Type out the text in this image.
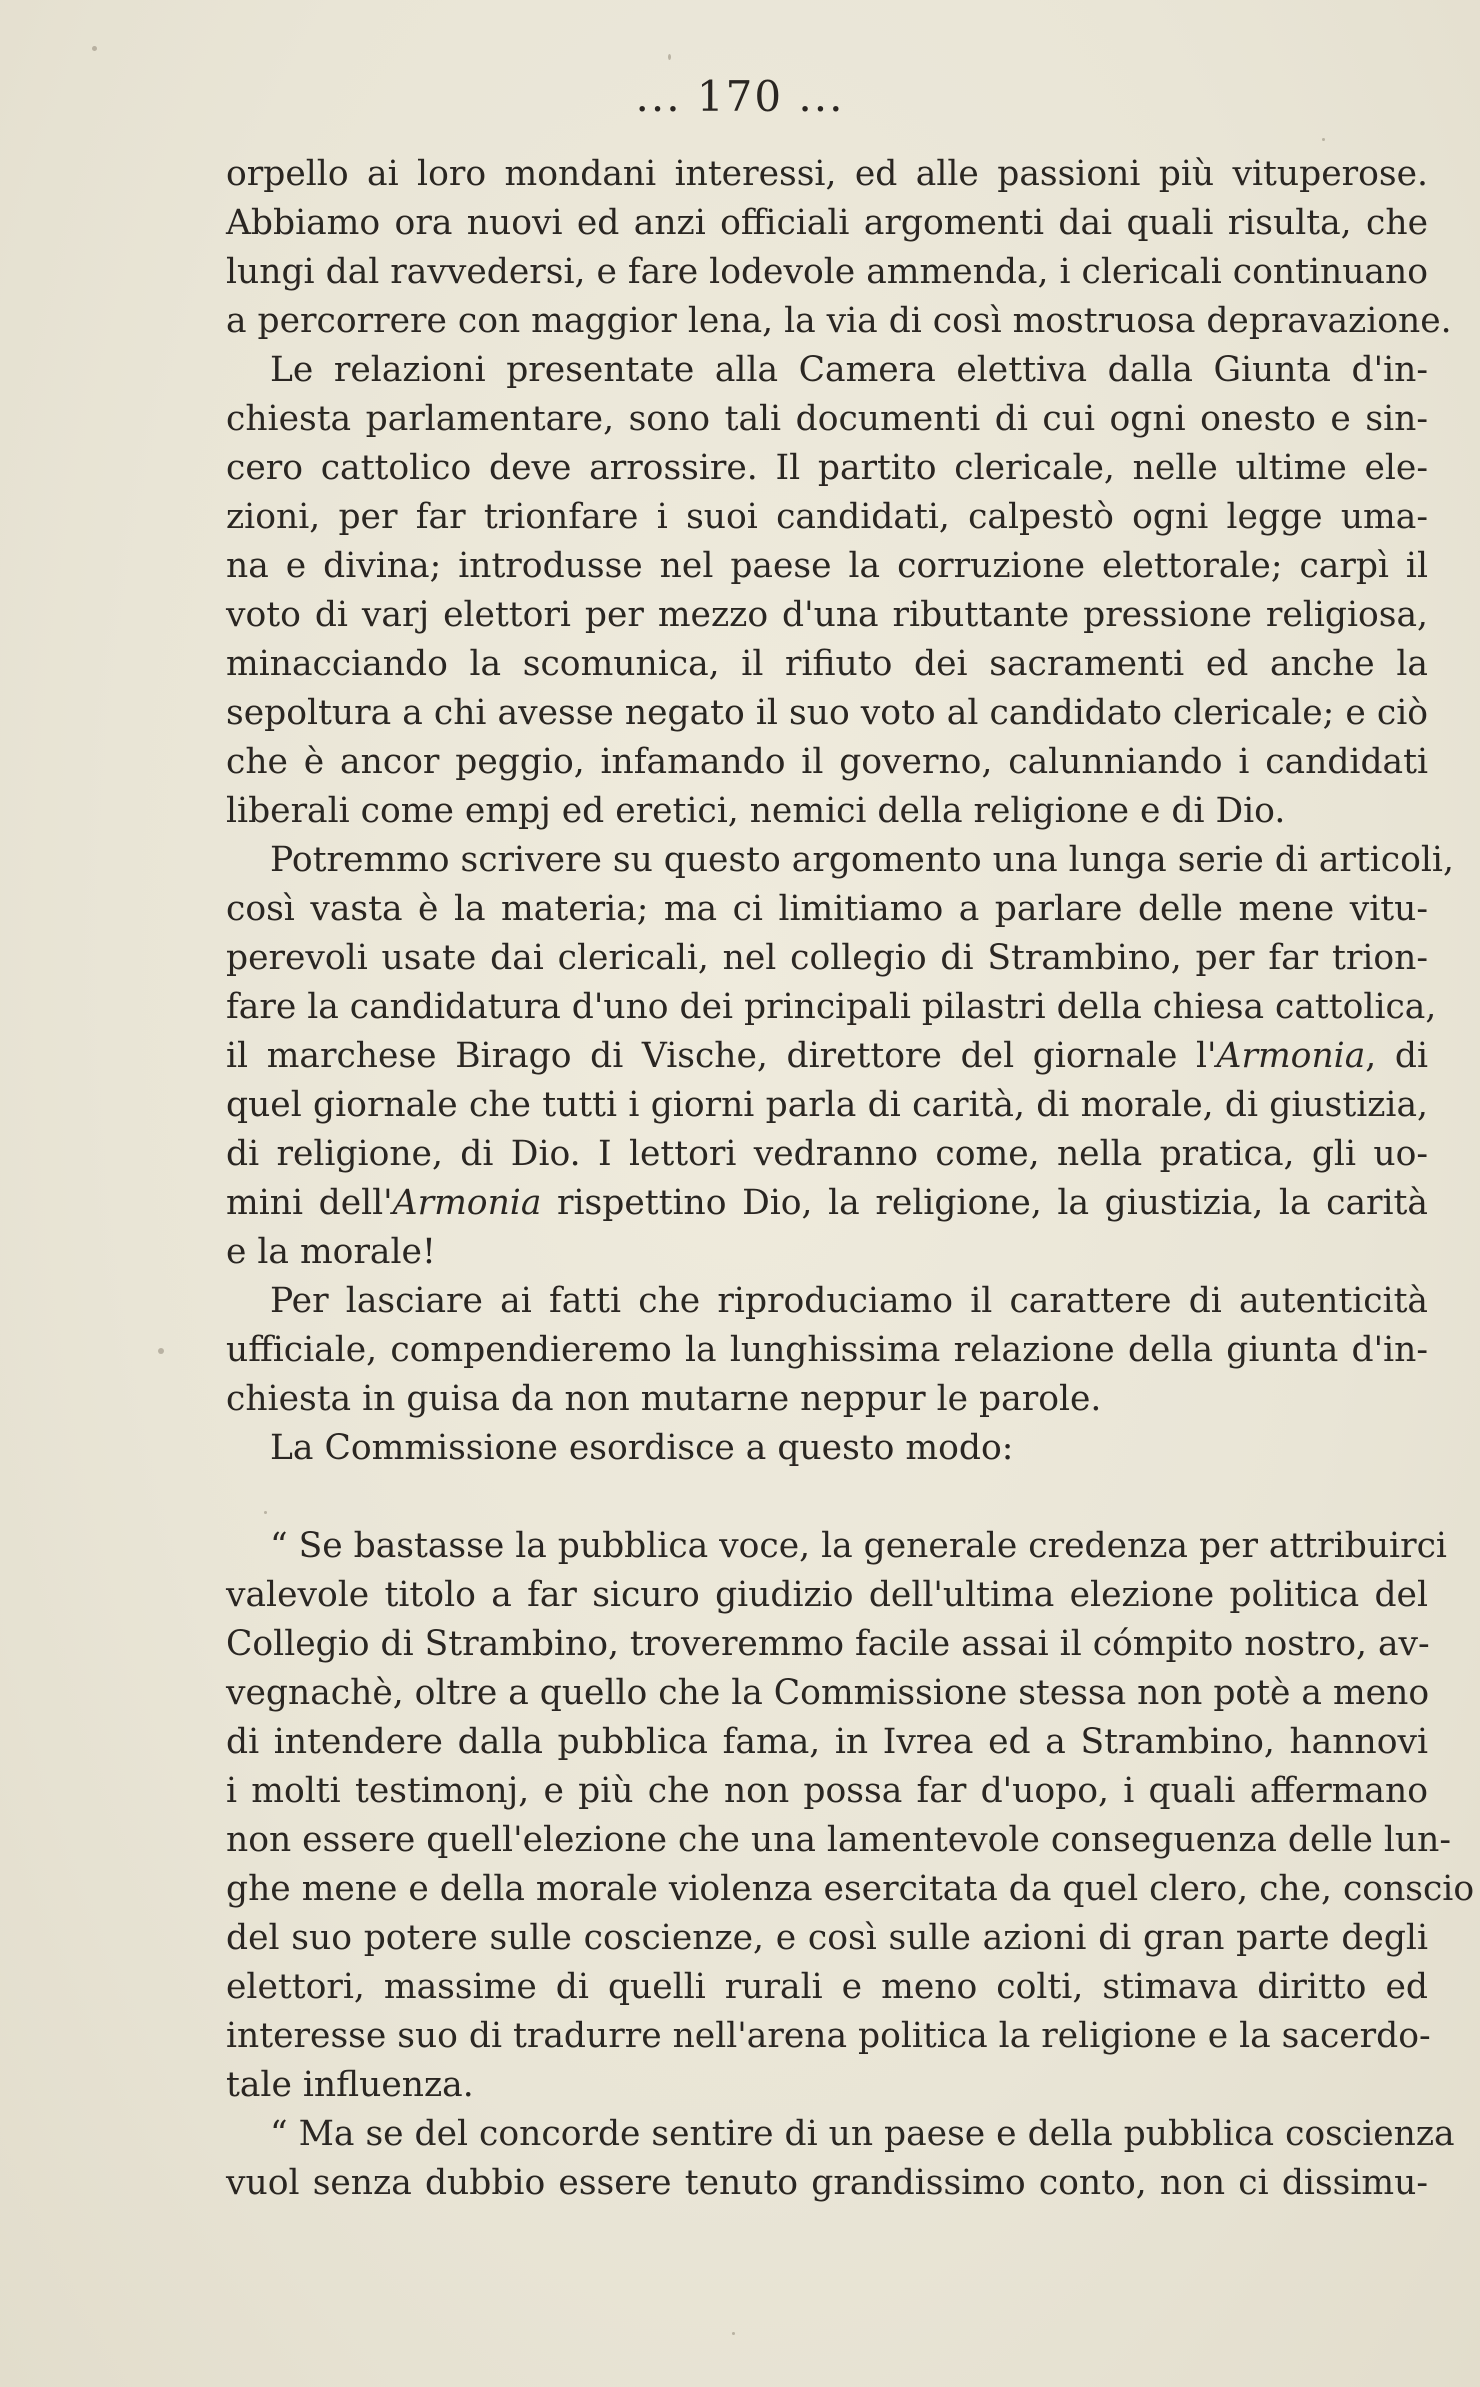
... 170 ...
orpello ai loro mondani interessi, ed alle passioni più vituperose.
Abbiamo ora nuovi ed anzi officiali argomenti dai quali risulta, che
lungi dal ravvedersi, e fare lodevole ammenda, i clericali continuano
a percorrere con maggior lena, la via di così mostruosa depravazione.
Le relazioni presentate alla Camera elettiva dalla Giunta d'in-
chiesta parlamentare, sono tali documenti di cui ogni onesto e sin-
cero cattolico deve arrossire. Il partito clericale, nelle ultime ele-
zioni, per far trionfare i suoi candidati, calpestò ogni legge uma-
na e divina; introdusse nel paese la corruzione elettorale; carpì il
voto di varj elettori per mezzo d'una ributtante pressione religiosa,
minacciando la scomunica, il rifiuto dei sacramenti ed anche la
sepoltura a chi avesse negato il suo voto al candidato clericale; e ciò
che è ancor peggio, infamando il governo, calunniando i candidati
liberali come empj ed eretici, nemici della religione e di Dio.
Potremmo scrivere su questo argomento una lunga serie di articoli,
così vasta è la materia; ma ci limitiamo a parlare delle mene vitu-
perevoli usate dai clericali, nel collegio di Strambino, per far trion-
fare la candidatura d'uno dei principali pilastri della chiesa cattolica,
il marchese Birago di Vische, direttore del giornale l'Armonia, di
quel giornale che tutti i giorni parla di carità, di morale, di giustizia,
di religione, di Dio. I lettori vedranno come, nella pratica, gli uo-
mini dell'Armonia rispettino Dio, la religione, la giustizia, la carità
e la morale!
Per lasciare ai fatti che riproduciamo il carattere di autenticità
ufficiale, compendieremo la lunghissima relazione della giunta d'in-
chiesta in guisa da non mutarne neppur le parole.
La Commissione esordisce a questo modo:
“ Se bastasse la pubblica voce, la generale credenza per attribuirci
valevole titolo a far sicuro giudizio dell'ultima elezione politica del
Collegio di Strambino, troveremmo facile assai il cómpito nostro, av-
vegnachè, oltre a quello che la Commissione stessa non potè a meno
di intendere dalla pubblica fama, in Ivrea ed a Strambino, hannovi
i molti testimonj, e più che non possa far d'uopo, i quali affermano
non essere quell'elezione che una lamentevole conseguenza delle lun-
ghe mene e della morale violenza esercitata da quel clero, che, conscio
del suo potere sulle coscienze, e così sulle azioni di gran parte degli
elettori, massime di quelli rurali e meno colti, stimava diritto ed
interesse suo di tradurre nell'arena politica la religione e la sacerdo-
tale influenza.
“ Ma se del concorde sentire di un paese e della pubblica coscienza
vuol senza dubbio essere tenuto grandissimo conto, non ci dissimu-
